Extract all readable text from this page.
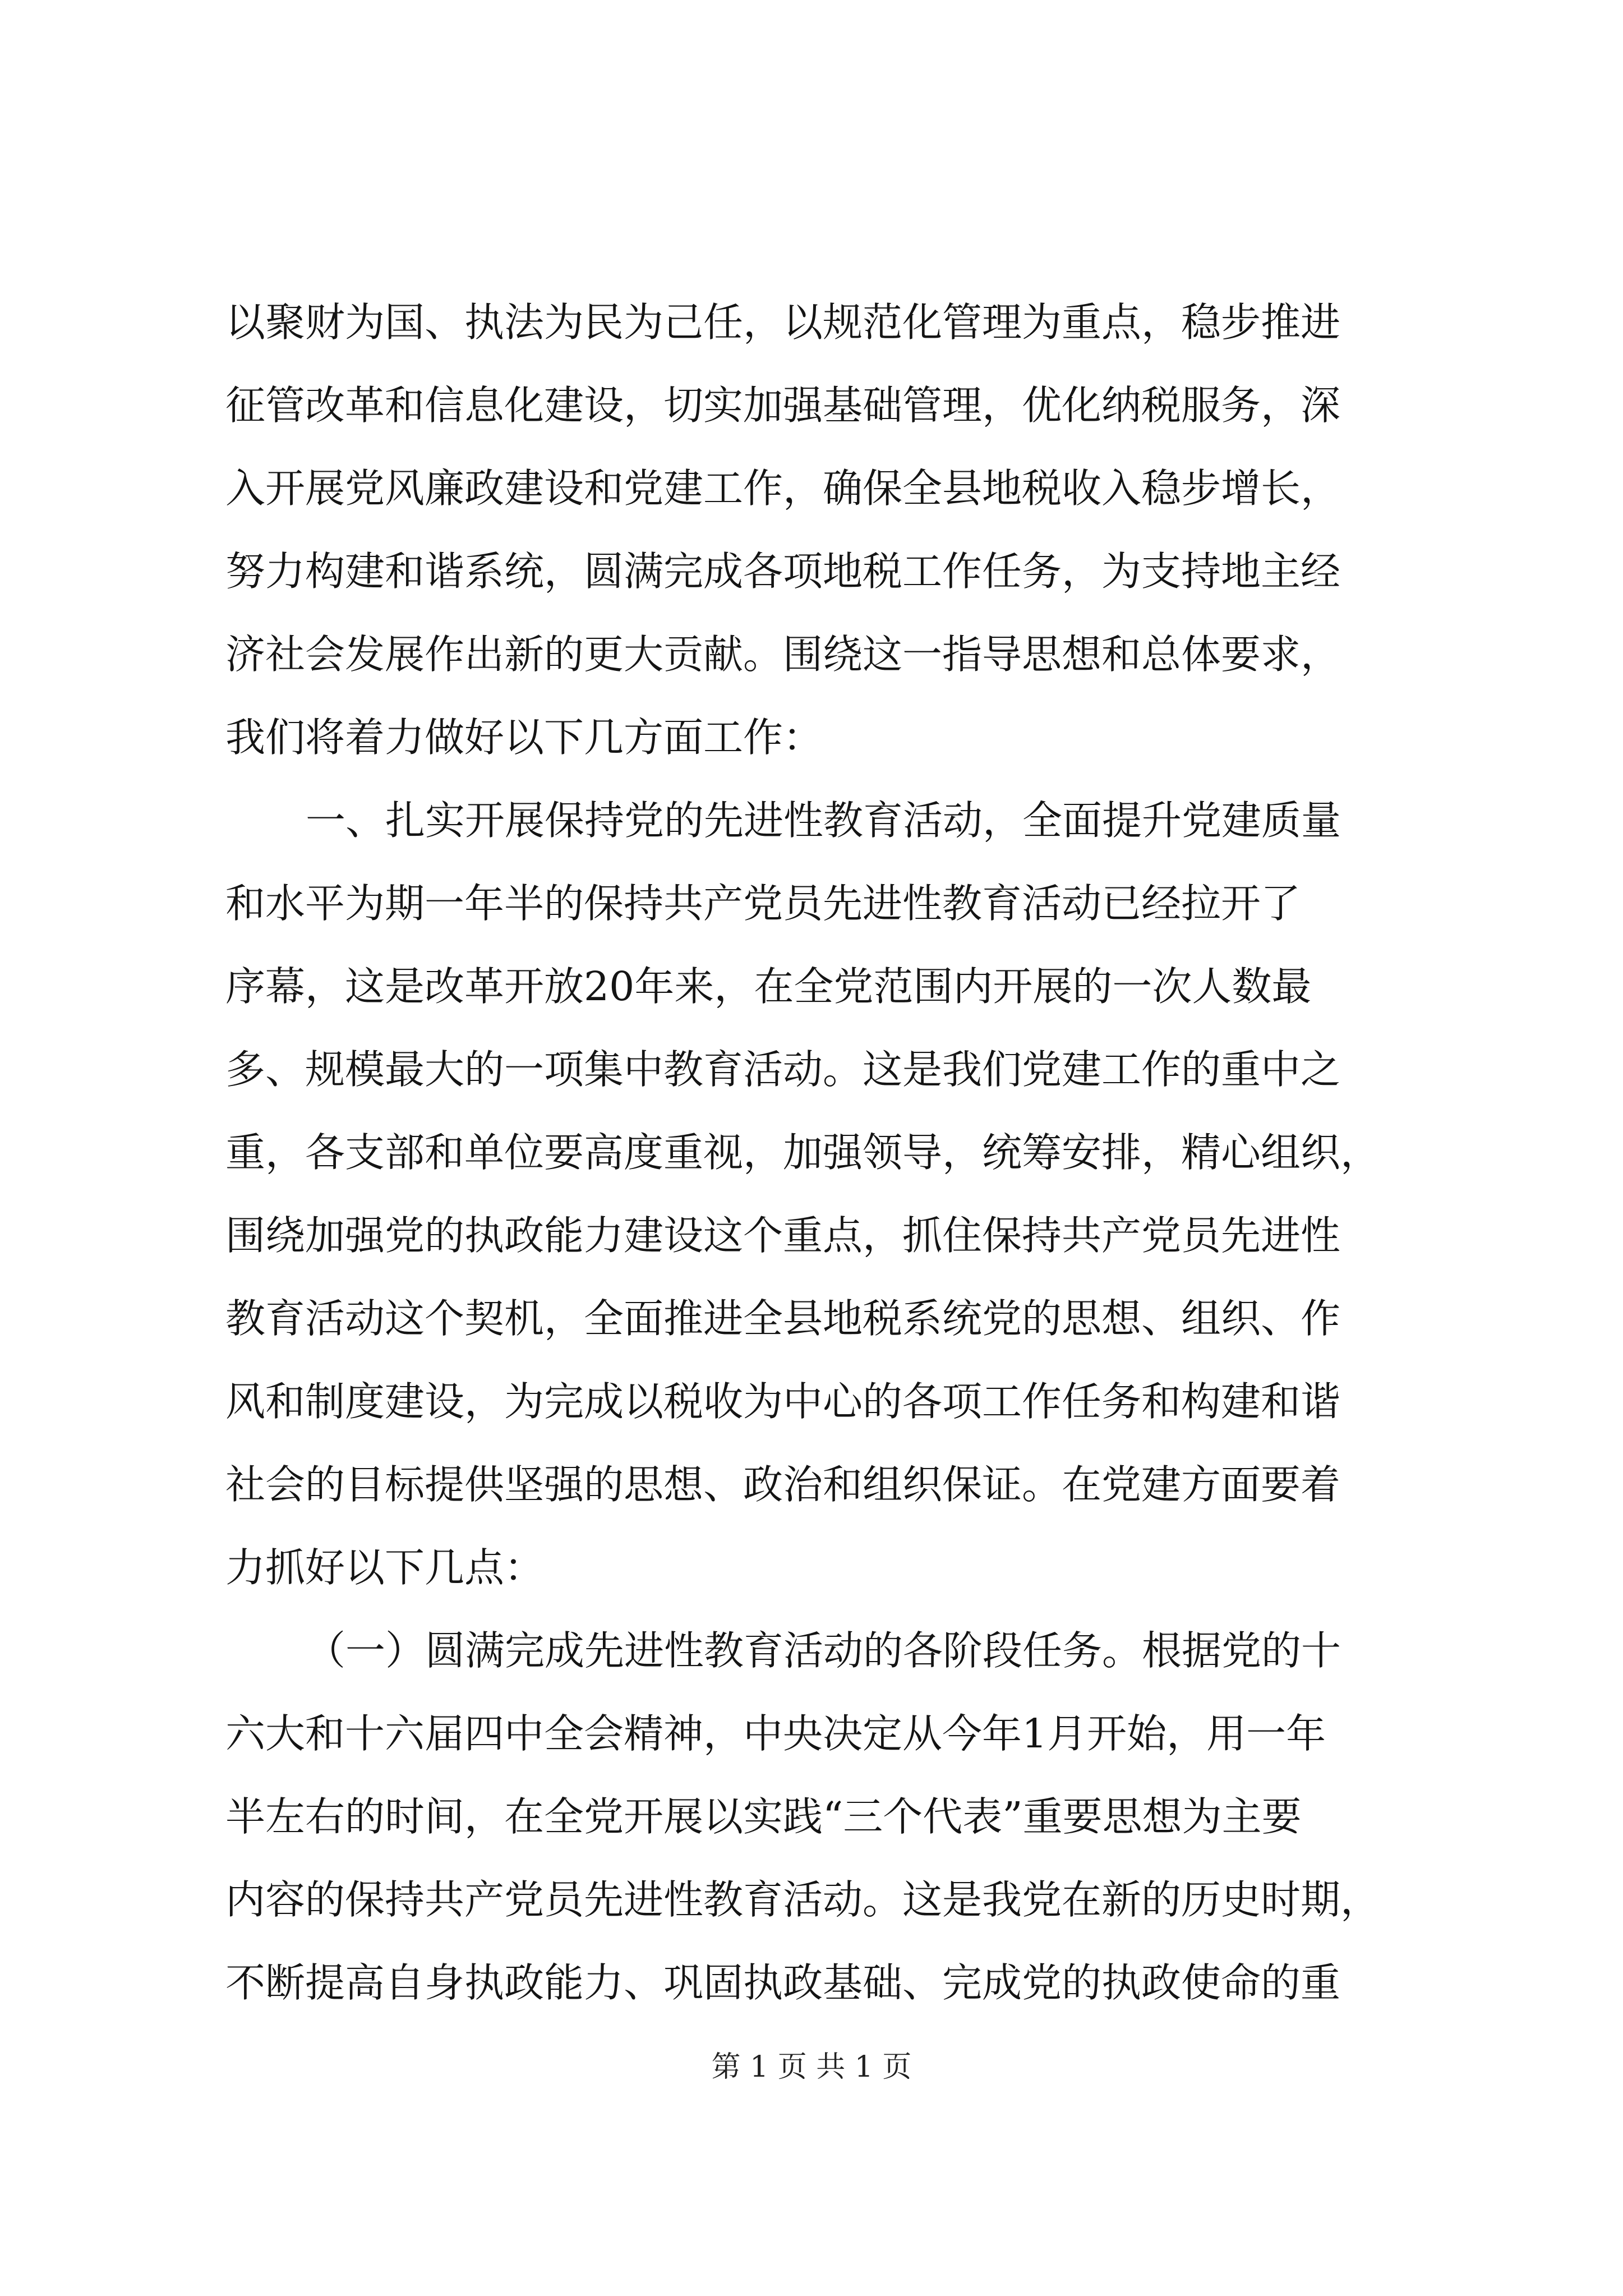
以聚财为国、执法为民为己任，以规范化管理为重点，稳步推进
征管改革和信息化建设，切实加强基础管理，优化纳税服务，深
入开展党风廉政建设和党建工作，确保全县地税收入稳步增长，
努力构建和谐系统，圆满完成各项地税工作任务，为支持地主经
济社会发展作出新的更大贡献。围绕这一指导思想和总体要求，
我们将着力做好以下几方面工作：
一、扎实开展保持党的先进性教育活动，全面提升党建质量
和水平为期一年半的保持共产党员先进性教育活动已经拉开了
序幕，这是改革开放20年来，在全党范围内开展的一次人数最
多、规模最大的一项集中教育活动。这是我们党建工作的重中之
重，各支部和单位要高度重视，加强领导，统筹安排，精心组织，
围绕加强党的执政能力建设这个重点，抓住保持共产党员先进性
教育活动这个契机，全面推进全县地税系统党的思想、组织、作
风和制度建设，为完成以税收为中心的各项工作任务和构建和谐
社会的目标提供坚强的思想、政治和组织保证。在党建方面要着
力抓好以下几点：
（一）圆满完成先进性教育活动的各阶段任务。根据党的十
六大和十六届四中全会精神，中央决定从今年1月开始，用一年
半左右的时间，在全党开展以实践“三个代表”重要思想为主要
内容的保持共产党员先进性教育活动。这是我党在新的历史时期，
不断提高自身执政能力、巩固执政基础、完成党的执政使命的重
第 1 页 共 1 页
